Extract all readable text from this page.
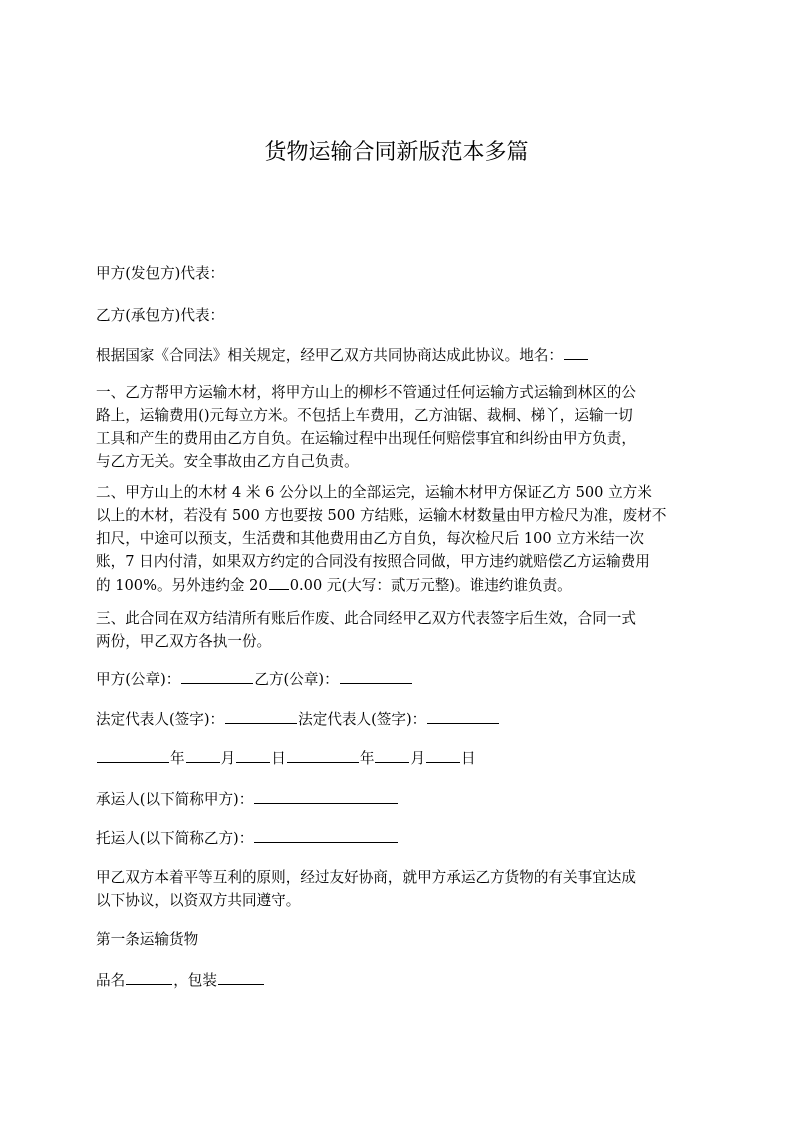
货物运输合同新版范本多篇

甲方(发包方)代表：

乙方(承包方)代表：

根据国家《合同法》相关规定，经甲乙双方共同协商达成此协议。地名：

一、乙方帮甲方运输木材，将甲方山上的柳杉不管通过任何运输方式运输到林区的公
路上，运输费用()元每立方米。不包括上车费用，乙方油锯、裁桐、梯丫，运输一切
工具和产生的费用由乙方自负。在运输过程中出现任何赔偿事宜和纠纷由甲方负责，
与乙方无关。安全事故由乙方自己负责。
二、甲方山上的木材 4 米 6 公分以上的全部运完，运输木材甲方保证乙方 500 立方米
以上的木材，若没有 500 方也要按 500 方结账，运输木材数量由甲方检尺为准，废材不
扣尺，中途可以预支，生活费和其他费用由乙方自负，每次检尺后 100 立方米结一次
账，7 日内付清，如果双方约定的合同没有按照合同做，甲方违约就赔偿乙方运输费用
的 100%。另外违约金 20 0.00 元(大写：贰万元整)。谁违约谁负责。
三、此合同在双方结清所有账后作废、此合同经甲乙双方代表签字后生效，合同一式
两份，甲乙双方各执一份。

甲方(公章)：	乙方(公章)：

法定代表人(签字)：	法定代表人(签字)：

年 月 日	年 月 日

承运人(以下简称甲方)：

托运人(以下简称乙方)：

甲乙双方本着平等互利的原则，经过友好协商，就甲方承运乙方货物的有关事宜达成
以下协议，以资双方共同遵守。

第一条运输货物

品名	，包装
